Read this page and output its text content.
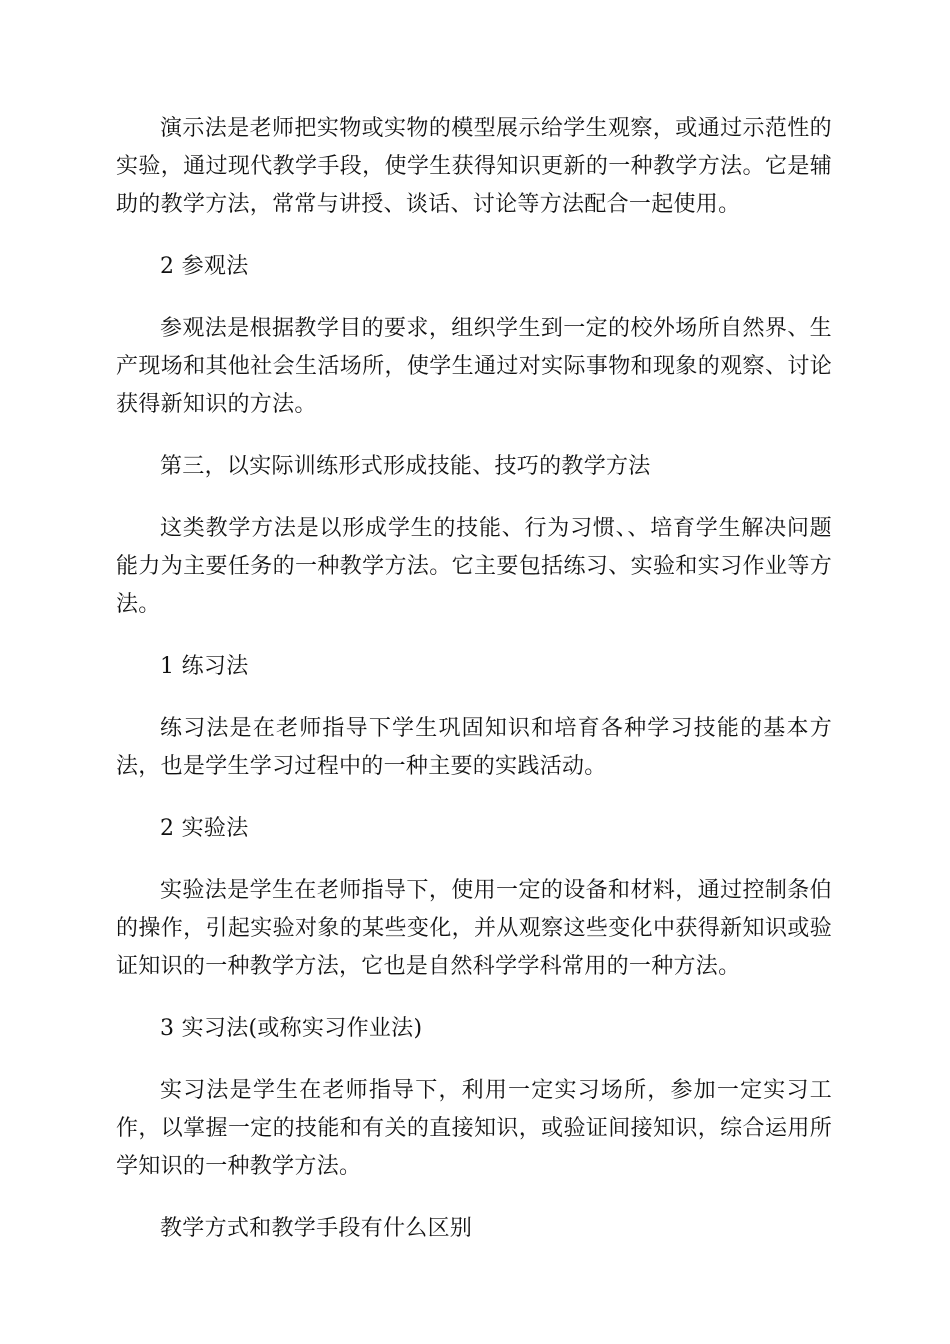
演示法是老师把实物或实物的模型展示给学生观察，或通过示范性的实验，通过现代教学手段，使学生获得知识更新的一种教学方法。它是辅助的教学方法，常常与讲授、谈话、讨论等方法配合一起使用。

2 参观法

参观法是根据教学目的要求，组织学生到一定的校外场所自然界、生产现场和其他社会生活场所，使学生通过对实际事物和现象的观察、讨论获得新知识的方法。

第三，以实际训练形式形成技能、技巧的教学方法

这类教学方法是以形成学生的技能、行为习惯、、培育学生解决问题能力为主要任务的一种教学方法。它主要包括练习、实验和实习作业等方法。

1 练习法

练习法是在老师指导下学生巩固知识和培育各种学习技能的基本方法，也是学生学习过程中的一种主要的实践活动。

2 实验法

实验法是学生在老师指导下，使用一定的设备和材料，通过控制条伯的操作，引起实验对象的某些变化，并从观察这些变化中获得新知识或验证知识的一种教学方法，它也是自然科学学科常用的一种方法。

3 实习法(或称实习作业法)

实习法是学生在老师指导下，利用一定实习场所，参加一定实习工作，以掌握一定的技能和有关的直接知识，或验证间接知识，综合运用所学知识的一种教学方法。

教学方式和教学手段有什么区别
